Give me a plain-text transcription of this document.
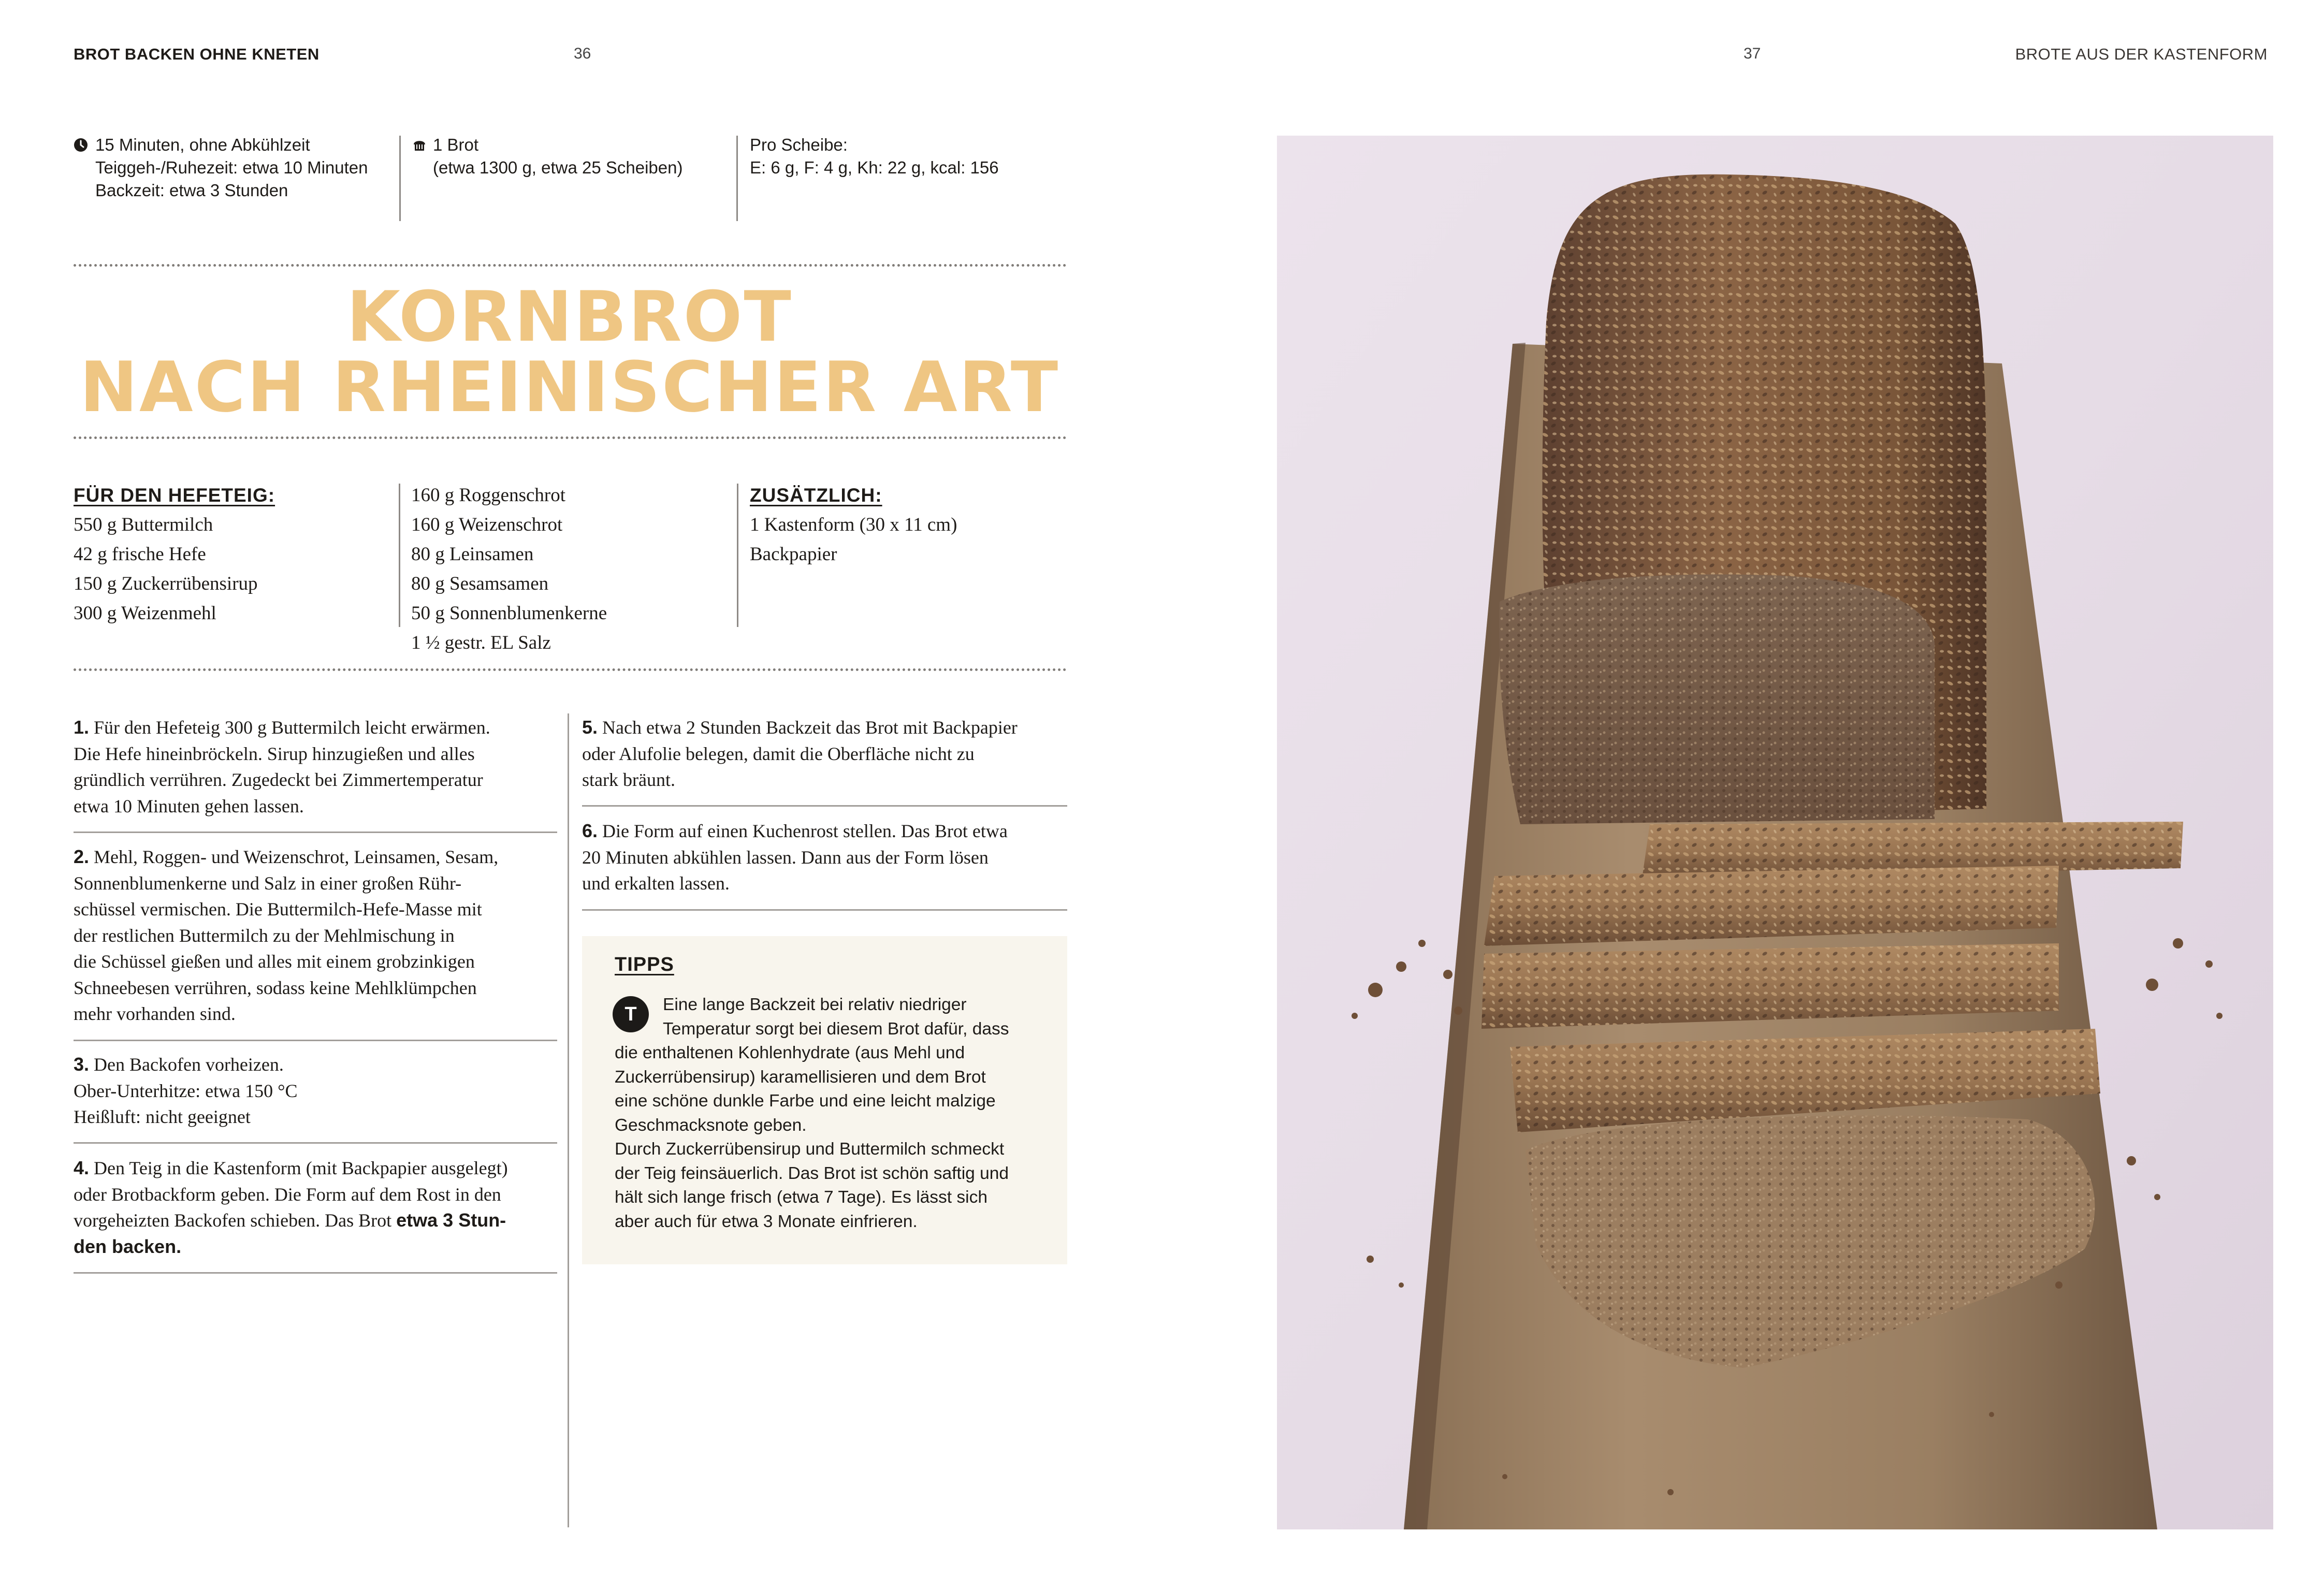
BROT BACKEN OHNE KNETEN	36	37	BROTE AUS DER KASTENFORM
15 Minuten, ohne Abkühlzeit
Teiggeh-/Ruhezeit: etwa 10 Minuten
Backzeit: etwa 3 Stunden
1 Brot
(etwa 1300 g, etwa 25 Scheiben)
Pro Scheibe:
E: 6 g, F: 4 g, Kh: 22 g, kcal: 156
KORNBROT
NACH RHEINISCHER ART
FÜR DEN HEFETEIG:
550 g Buttermilch
42 g frische Hefe
150 g Zuckerrübensirup
300 g Weizenmehl
160 g Roggenschrot
160 g Weizenschrot
80 g Leinsamen
80 g Sesamsamen
50 g Sonnenblumenkerne
1 ½ gestr. EL Salz
ZUSÄTZLICH:
1 Kastenform (30 x 11 cm)
Backpapier
1. Für den Hefeteig 300 g Buttermilch leicht erwärmen.
Die Hefe hineinbröckeln. Sirup hinzugießen und alles
gründlich verrühren. Zugedeckt bei Zimmertemperatur
etwa 10 Minuten gehen lassen.
2. Mehl, Roggen- und Weizenschrot, Leinsamen, Sesam,
Sonnenblumenkerne und Salz in einer großen Rühr-
schüssel vermischen. Die Buttermilch-Hefe-Masse mit
der restlichen Buttermilch zu der Mehlmischung in
die Schüssel gießen und alles mit einem grobzinkigen
Schneebesen verrühren, sodass keine Mehlklümpchen
mehr vorhanden sind.
3. Den Backofen vorheizen.
Ober-Unterhitze: etwa 150 °C
Heißluft: nicht geeignet
4. Den Teig in die Kastenform (mit Backpapier ausgelegt)
oder Brotbackform geben. Die Form auf dem Rost in den
vorgeheizten Backofen schieben. Das Brot etwa 3 Stun-
den backen.
5. Nach etwa 2 Stunden Backzeit das Brot mit Backpapier
oder Alufolie belegen, damit die Oberfläche nicht zu
stark bräunt.
6. Die Form auf einen Kuchenrost stellen. Das Brot etwa
20 Minuten abkühlen lassen. Dann aus der Form lösen
und erkalten lassen.
TIPPS
T	Eine lange Backzeit bei relativ niedriger
Temperatur sorgt bei diesem Brot dafür, dass
die enthaltenen Kohlenhydrate (aus Mehl und
Zuckerrübensirup) karamellisieren und dem Brot
eine schöne dunkle Farbe und eine leicht malzige
Geschmacksnote geben.
Durch Zuckerrübensirup und Buttermilch schmeckt
der Teig feinsäuerlich. Das Brot ist schön saftig und
hält sich lange frisch (etwa 7 Tage). Es lässt sich
aber auch für etwa 3 Monate einfrieren.
